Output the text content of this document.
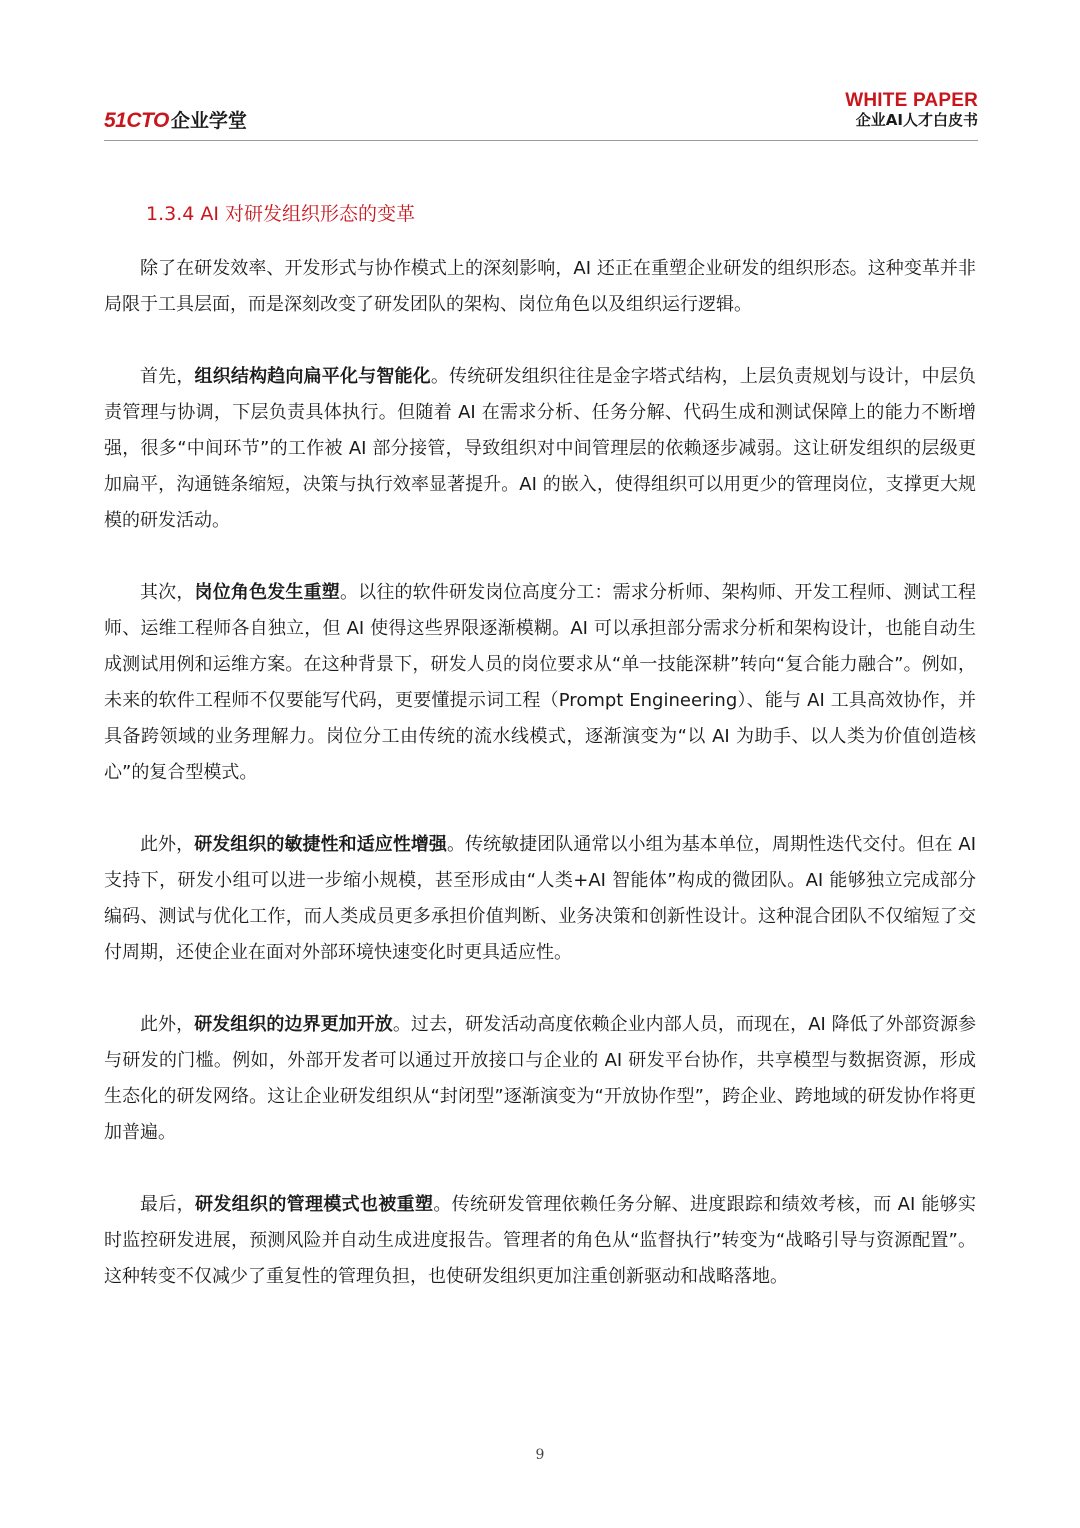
51CTO 企业学堂
WHITE PAPER
企业AI人才白皮书
1.3.4 AI 对研发组织形态的变革

除了在研发效率、开发形式与协作模式上的深刻影响，AI 还正在重塑企业研发的组织形态。这种变革并非局限于工具层面，而是深刻改变了研发团队的架构、岗位角色以及组织运行逻辑。

首先，组织结构趋向扁平化与智能化。传统研发组织往往是金字塔式结构，上层负责规划与设计，中层负责管理与协调，下层负责具体执行。但随着 AI 在需求分析、任务分解、代码生成和测试保障上的能力不断增强，很多“中间环节”的工作被 AI 部分接管，导致组织对中间管理层的依赖逐步减弱。这让研发组织的层级更加扁平，沟通链条缩短，决策与执行效率显著提升。AI 的嵌入，使得组织可以用更少的管理岗位，支撑更大规模的研发活动。

其次，岗位角色发生重塑。以往的软件研发岗位高度分工：需求分析师、架构师、开发工程师、测试工程师、运维工程师各自独立，但 AI 使得这些界限逐渐模糊。AI 可以承担部分需求分析和架构设计，也能自动生成测试用例和运维方案。在这种背景下，研发人员的岗位要求从“单一技能深耕”转向“复合能力融合”。例如，未来的软件工程师不仅要能写代码，更要懂提示词工程（Prompt Engineering）、能与 AI 工具高效协作，并具备跨领域的业务理解力。岗位分工由传统的流水线模式，逐渐演变为“以 AI 为助手、以人类为价值创造核心”的复合型模式。

此外，研发组织的敏捷性和适应性增强。传统敏捷团队通常以小组为基本单位，周期性迭代交付。但在 AI 支持下，研发小组可以进一步缩小规模，甚至形成由“人类+AI 智能体”构成的微团队。AI 能够独立完成部分编码、测试与优化工作，而人类成员更多承担价值判断、业务决策和创新性设计。这种混合团队不仅缩短了交付周期，还使企业在面对外部环境快速变化时更具适应性。

此外，研发组织的边界更加开放。过去，研发活动高度依赖企业内部人员，而现在，AI 降低了外部资源参与研发的门槛。例如，外部开发者可以通过开放接口与企业的 AI 研发平台协作，共享模型与数据资源，形成生态化的研发网络。这让企业研发组织从“封闭型”逐渐演变为“开放协作型”，跨企业、跨地域的研发协作将更加普遍。

最后，研发组织的管理模式也被重塑。传统研发管理依赖任务分解、进度跟踪和绩效考核，而 AI 能够实时监控研发进展，预测风险并自动生成进度报告。管理者的角色从“监督执行”转变为“战略引导与资源配置”。这种转变不仅减少了重复性的管理负担，也使研发组织更加注重创新驱动和战略落地。

9
